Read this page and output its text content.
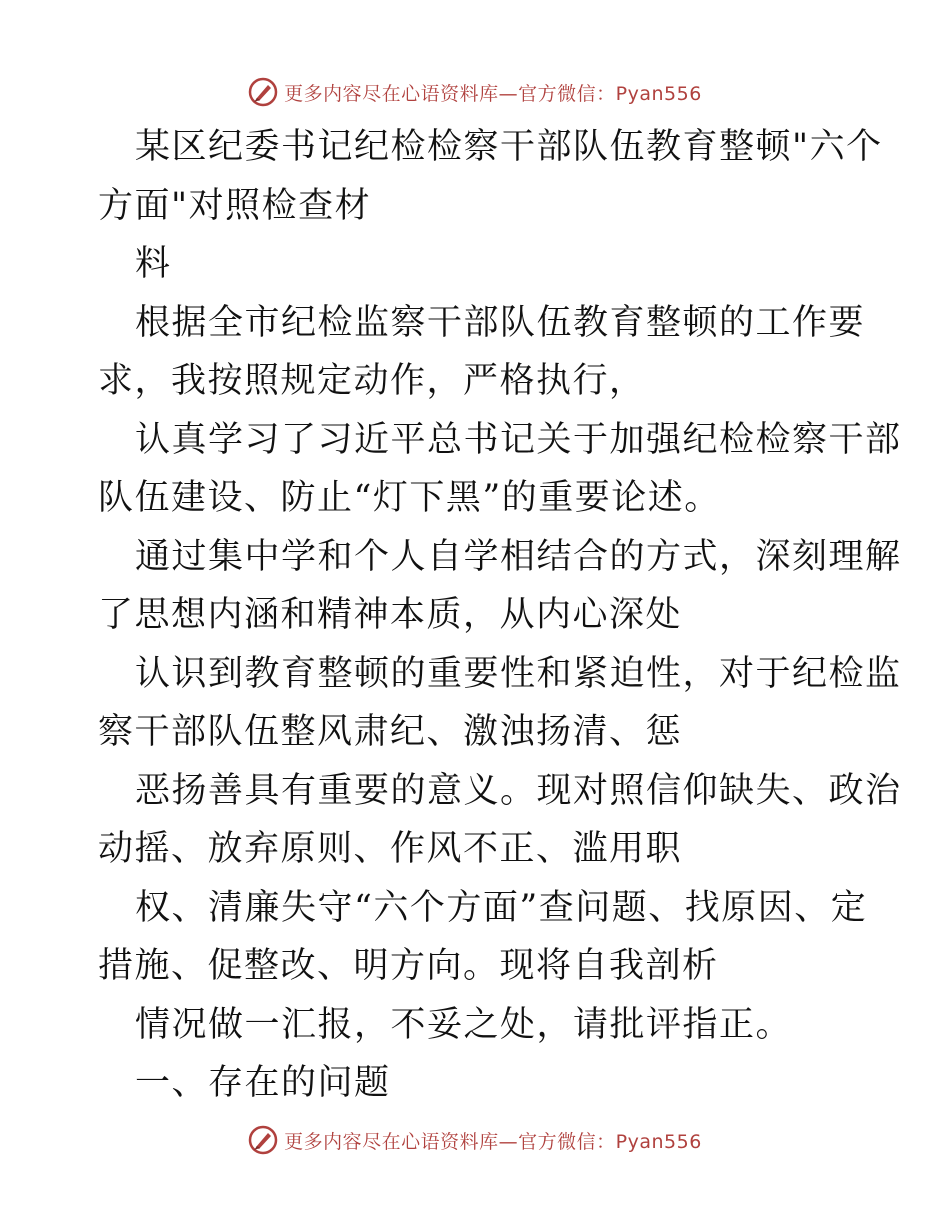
更多内容尽在心语资料库—官方微信：Pyan556
某区纪委书记纪检检察干部队伍教育整顿"六个
方面"对照检查材
料
根据全市纪检监察干部队伍教育整顿的工作要
求，我按照规定动作，严格执行，
认真学习了习近平总书记关于加强纪检检察干部
队伍建设、防止“灯下黑”的重要论述。
通过集中学和个人自学相结合的方式，深刻理解
了思想内涵和精神本质，从内心深处
认识到教育整顿的重要性和紧迫性，对于纪检监
察干部队伍整风肃纪、激浊扬清、惩
恶扬善具有重要的意义。现对照信仰缺失、政治
动摇、放弃原则、作风不正、滥用职
权、清廉失守“六个方面”查问题、找原因、定
措施、促整改、明方向。现将自我剖析
情况做一汇报，不妥之处，请批评指正。
一、存在的问题
更多内容尽在心语资料库—官方微信：Pyan556
